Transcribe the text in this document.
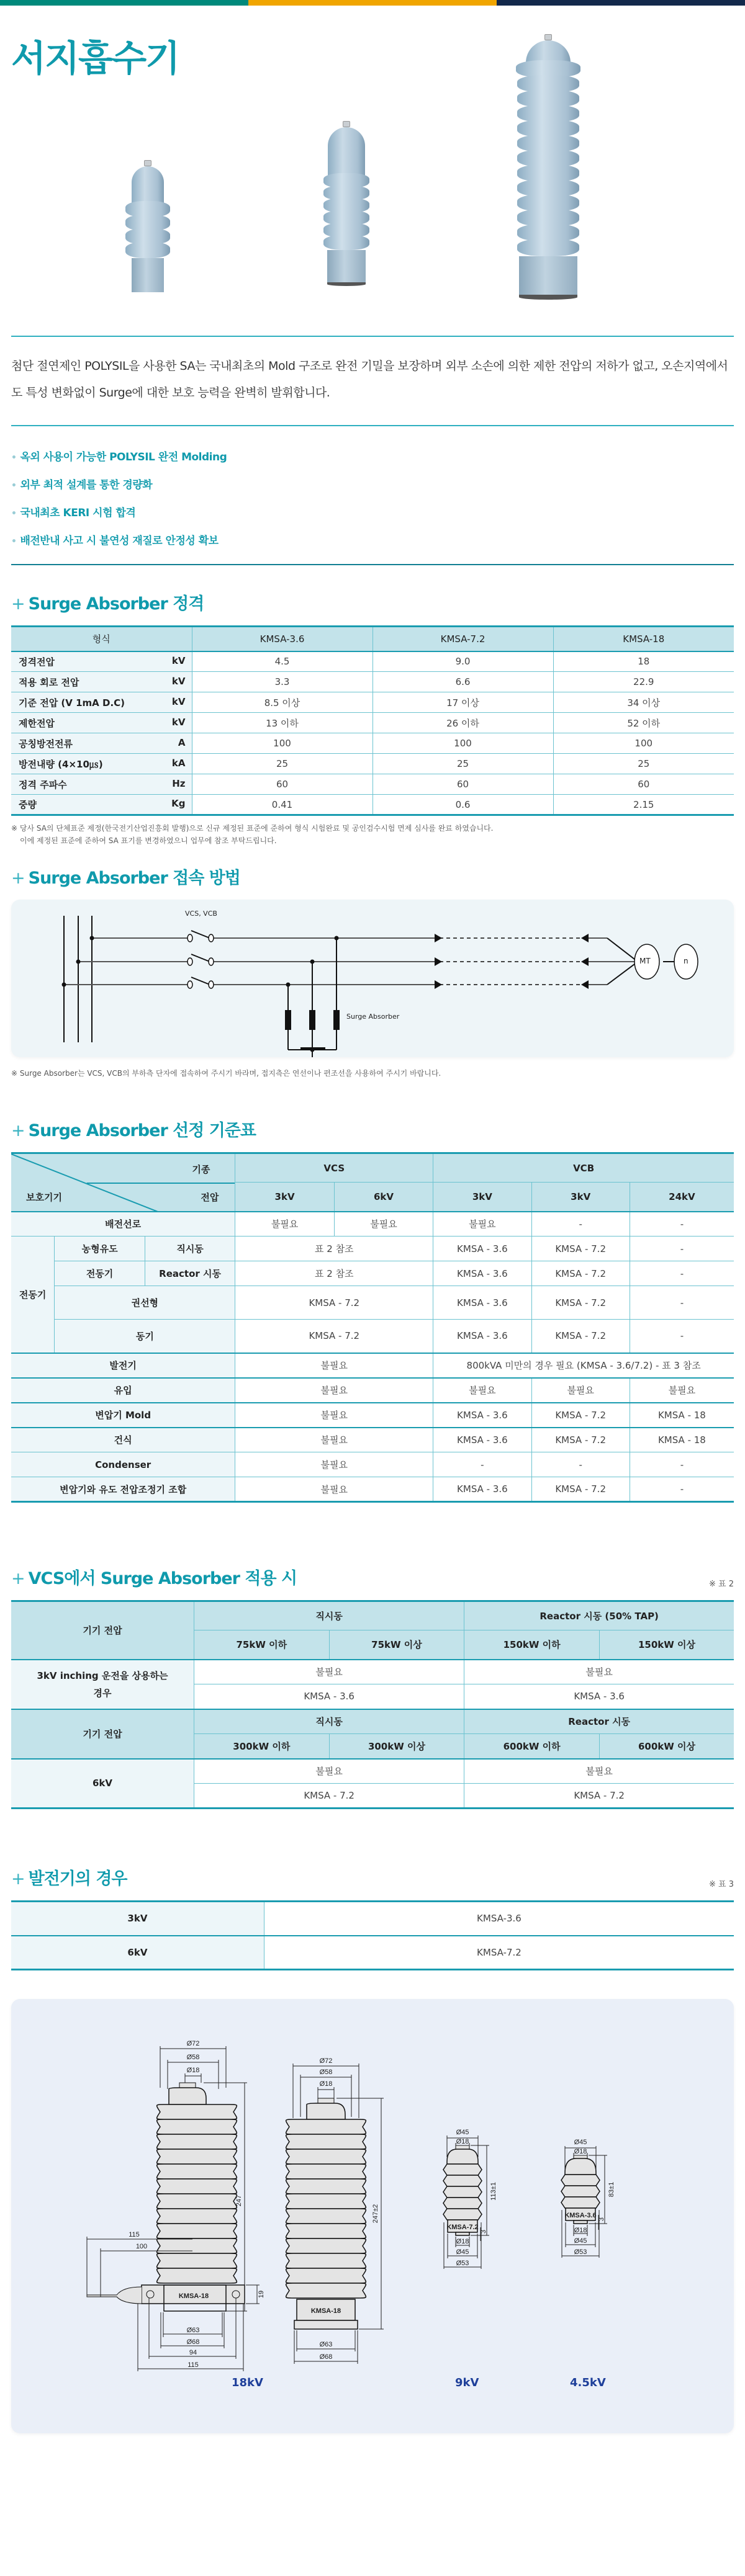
서지흡수기

첨단 절연제인 POLYSIL을 사용한 SA는 국내최초의 Mold 구조로 완전 기밀을 보장하며 외부 소손에 의한 제한 전압의 저하가 없고, 오손지역에서도 특성 변화없이 Surge에 대한 보호 능력을 완벽히 발휘합니다.

• 옥외 사용이 가능한 POLYSIL 완전 Molding
• 외부 최적 설계를 통한 경량화
• 국내최초 KERI 시험 합격
• 배전반내 사고 시 불연성 재질로 안정성 확보
+ Surge Absorber 정격
형식	KMSA-3.6	KMSA-7.2	KMSA-18
정격전압 kV	4.5	9.0	18
적용 회로 전압 kV	3.3	6.6	22.9
기준 전압 (V 1mA D.C) kV	8.5 이상	17 이상	34 이상
제한전압 kV	13 이하	26 이하	52 이하
공칭방전전류 A	100	100	100
방전내량 (4×10㎲) kA	25	25	25
정격 주파수 Hz	60	60	60
중량 Kg	0.41	0.6	2.15

※ 당사 SA의 단체표준 제정(한국전기산업진흥회 발행)으로 신규 제정된 표준에 준하여 형식 시험완료 및 공인검수시험 면제 심사를 완료 하였습니다.

이에 제정된 표준에 준하여 SA 표기를 변경하였으니 업무에 참조 부탁드립니다.

+ Surge Absorber 접속 방법
VCS, VCB
Surge Absorber
MT	n

※ Surge Absorber는 VCS, VCB의 부하측 단자에 접속하여 주시기 바라며, 접지측은 연선이나 편조선을 사용하여 주시기 바랍니다.

+ Surge Absorber 선정 기준표
기종
보호기기 전압			VCS		VCB		
			3kV	6kV	3kV	3kV	24kV
배전선로			불필요	불필요	불필요	-	-
전동기	농형유도	직시동	표 2 참조		KMSA - 3.6	KMSA - 7.2	-
	전동기	Reactor 시동	표 2 참조		KMSA - 3.6	KMSA - 7.2	-
	권선형		KMSA - 7.2		KMSA - 3.6	KMSA - 7.2	-
	동기		KMSA - 7.2		KMSA - 3.6	KMSA - 7.2	-
발전기			불필요		800kVA 미만의 경우 필요 (KMSA - 3.6/7.2) - 표 3 참조		
유입			불필요		불필요	불필요	불필요
변압기 Mold			불필요		KMSA - 3.6	KMSA - 7.2	KMSA - 18
건식			불필요		KMSA - 3.6	KMSA - 7.2	KMSA - 18
Condenser			불필요		-	-	-
변압기와 유도 전압조정기 조합			불필요		KMSA - 3.6	KMSA - 7.2	-
+ VCS에서 Surge Absorber 적용 시	※ 표 2
기기 전압	직시동		Reactor 시동 (50% TAP)	
	75kW 이하	75kW 이상	150kW 이하	150kW 이상
3kV inching 운전을 상용하는 경우	불필요		불필요	
	KMSA - 3.6		KMSA - 3.6	
기기 전압	직시동		Reactor 시동	
	300kW 이하	300kW 이상	600kW 이하	600kW 이상
6kV	불필요		불필요	
	KMSA - 7.2		KMSA - 7.2	
+ 발전기의 경우	※ 표 3
3kV	KMSA-3.6
6kV	KMSA-7.2
KMSA-18
Ø72
Ø58
Ø18
247
115
100
19
Ø63
Ø68
94
115
KMSA-18
Ø72
Ø58
Ø18
247±2
Ø63
Ø68
KMSA-7.2
Ø45
Ø18
113±1
3
Ø18
Ø45
Ø53
KMSA-3.6
Ø45
Ø18
83±1
3
Ø18
Ø45
Ø53
18kV	9kV	4.5kV
